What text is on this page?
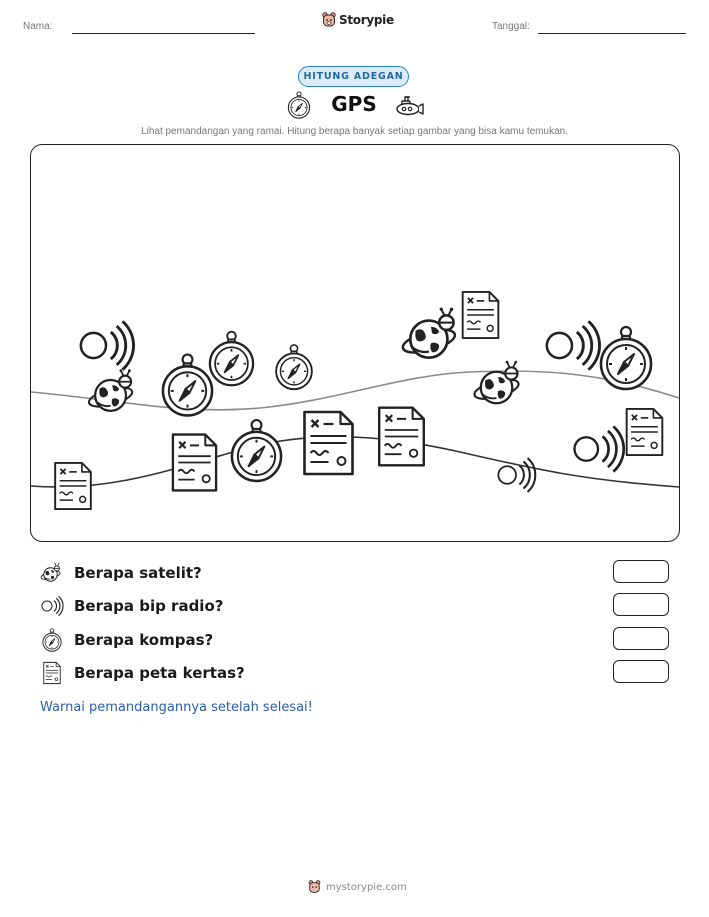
Nama:	Storypie	Tanggal:
HITUNG ADEGAN
GPS
Lihat pemandangan yang ramai. Hitung berapa banyak setiap gambar yang bisa kamu temukan.
Berapa satelit?
Berapa bip radio?
Berapa kompas?
Berapa peta kertas?
Warnai pemandangannya setelah selesai!
mystorypie.com
